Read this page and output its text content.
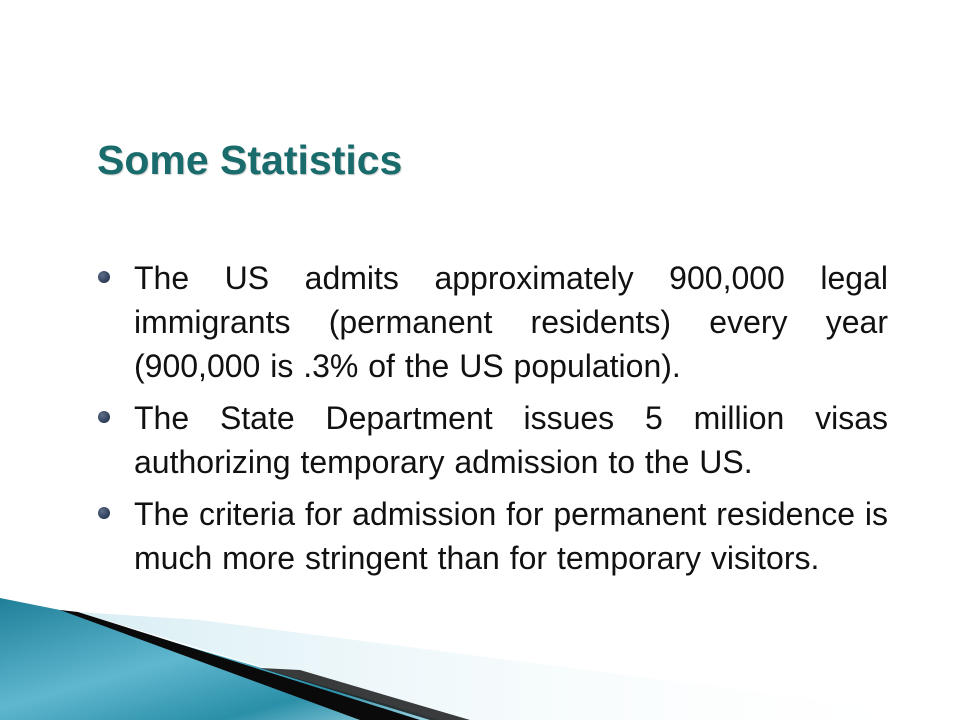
Some Statistics
The US admits approximately 900,000 legal immigrants (permanent residents) every year (900,000 is .3% of the US population).
The State Department issues 5 million visas authorizing temporary admission to the US.
The criteria for admission for permanent residence is much more stringent than for temporary visitors.
